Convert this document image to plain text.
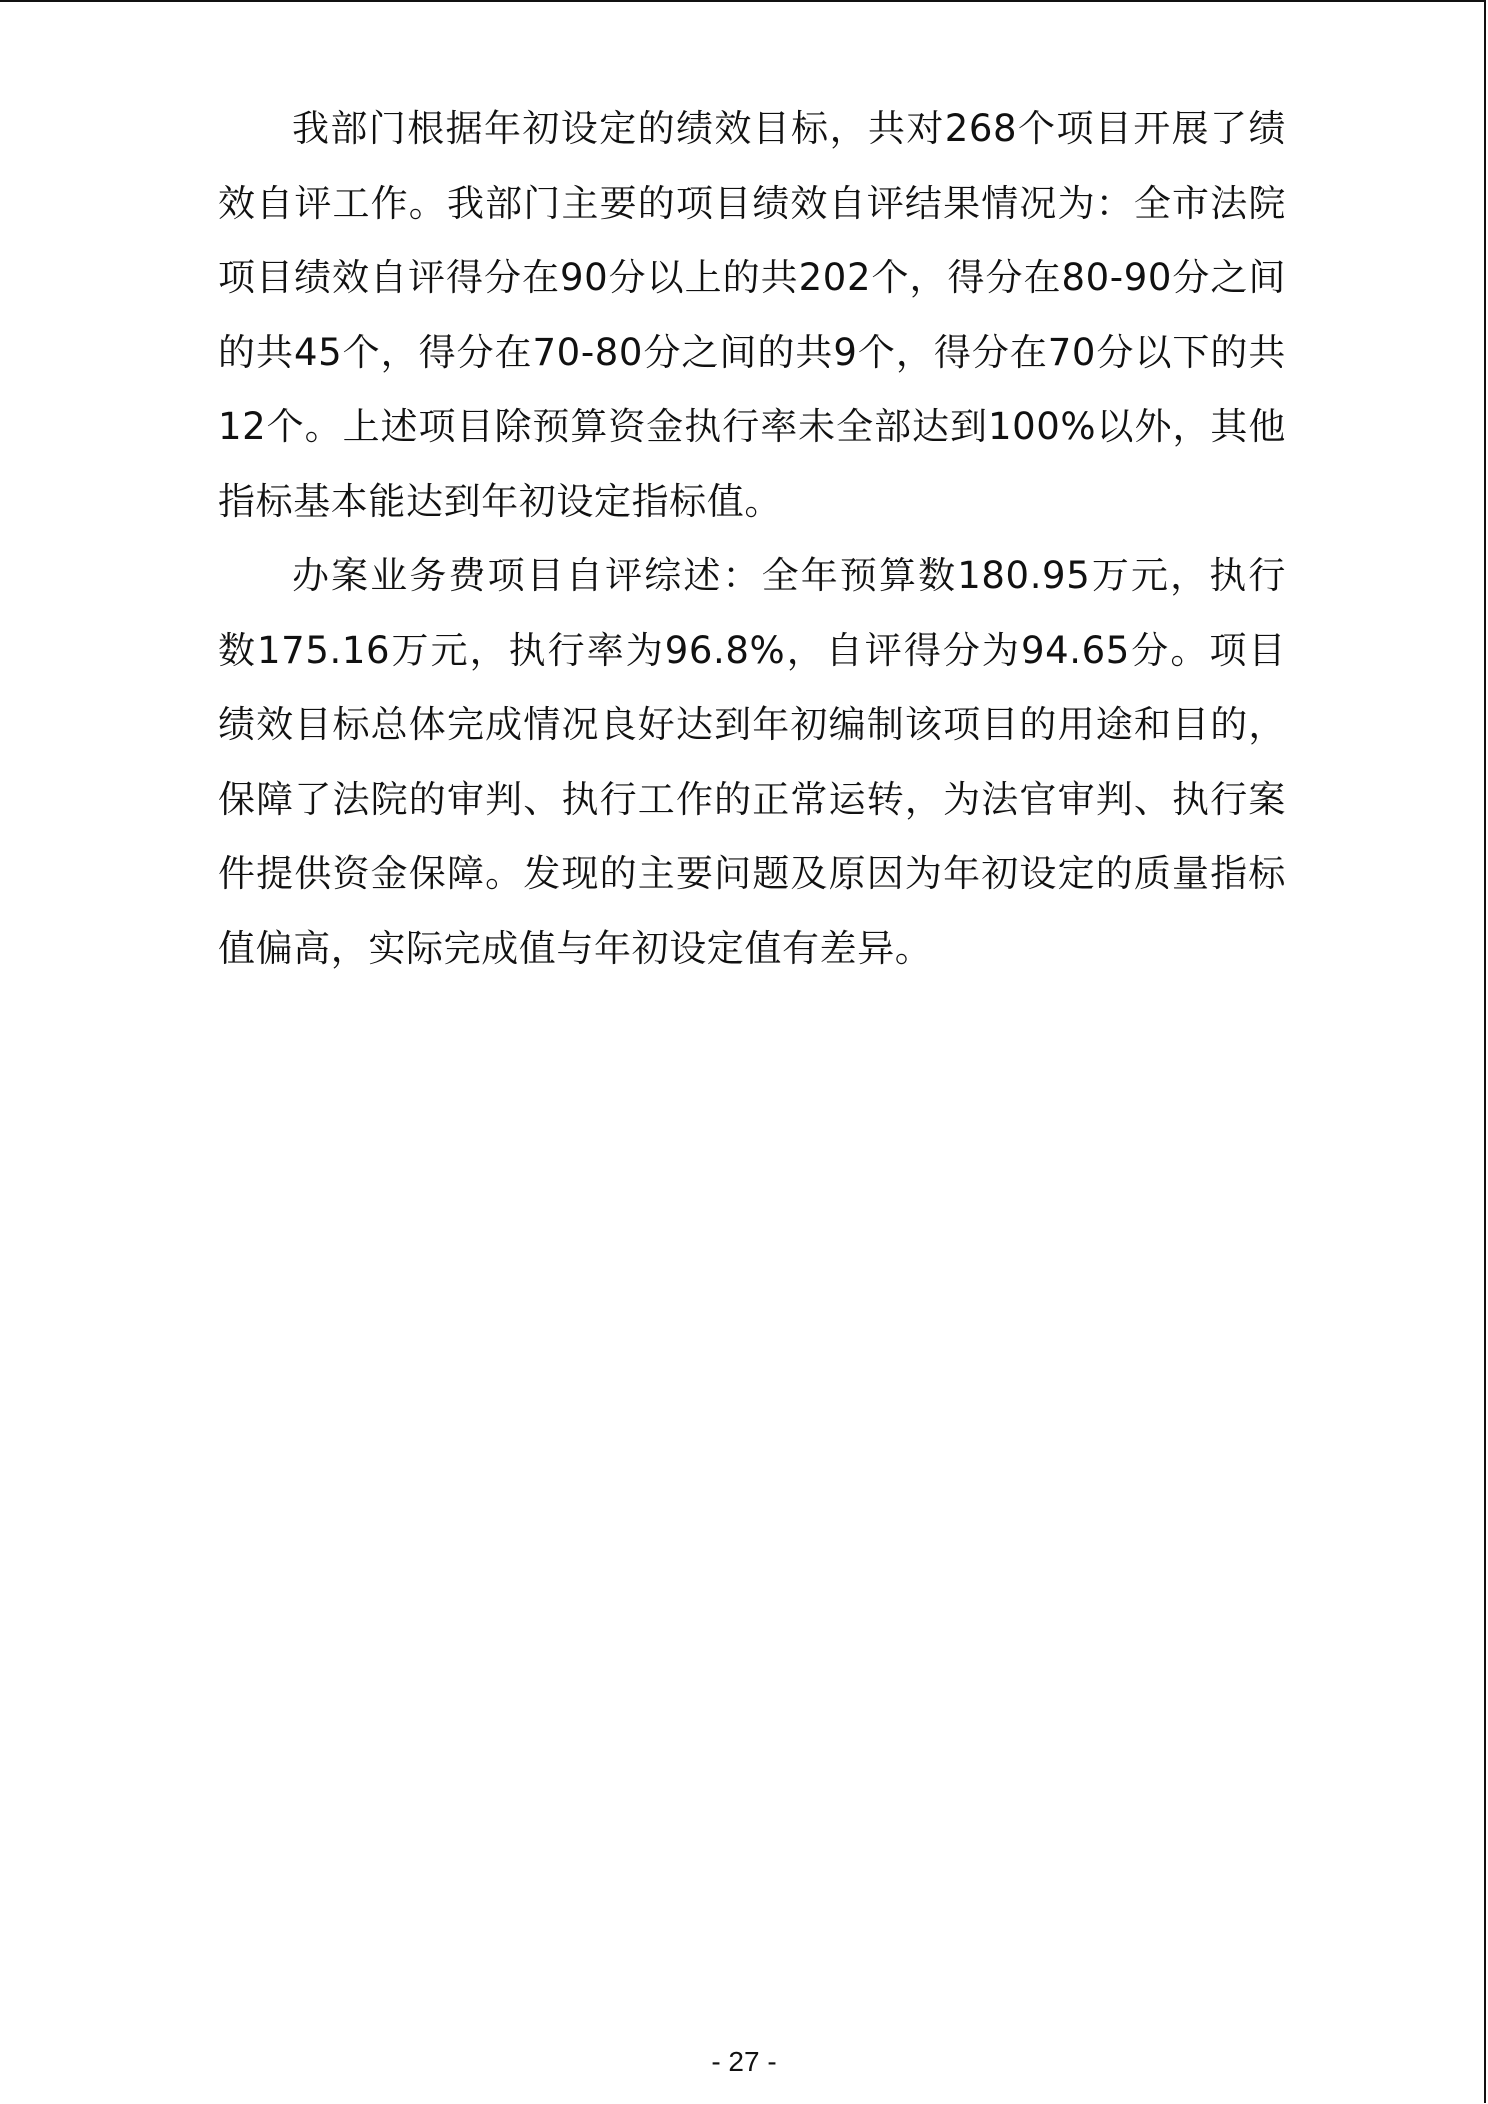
我部门根据年初设定的绩效目标，共对268个项目开展了绩效自评工作。我部门主要的项目绩效自评结果情况为：全市法院项目绩效自评得分在90分以上的共202个，得分在80-90分之间的共45个，得分在70-80分之间的共9个，得分在70分以下的共12个。上述项目除预算资金执行率未全部达到100%以外，其他指标基本能达到年初设定指标值。

办案业务费项目自评综述：全年预算数180.95万元，执行数175.16万元，执行率为96.8%，自评得分为94.65分。项目绩效目标总体完成情况良好达到年初编制该项目的用途和目的，保障了法院的审判、执行工作的正常运转，为法官审判、执行案件提供资金保障。发现的主要问题及原因为年初设定的质量指标值偏高，实际完成值与年初设定值有差异。

- 27 -
